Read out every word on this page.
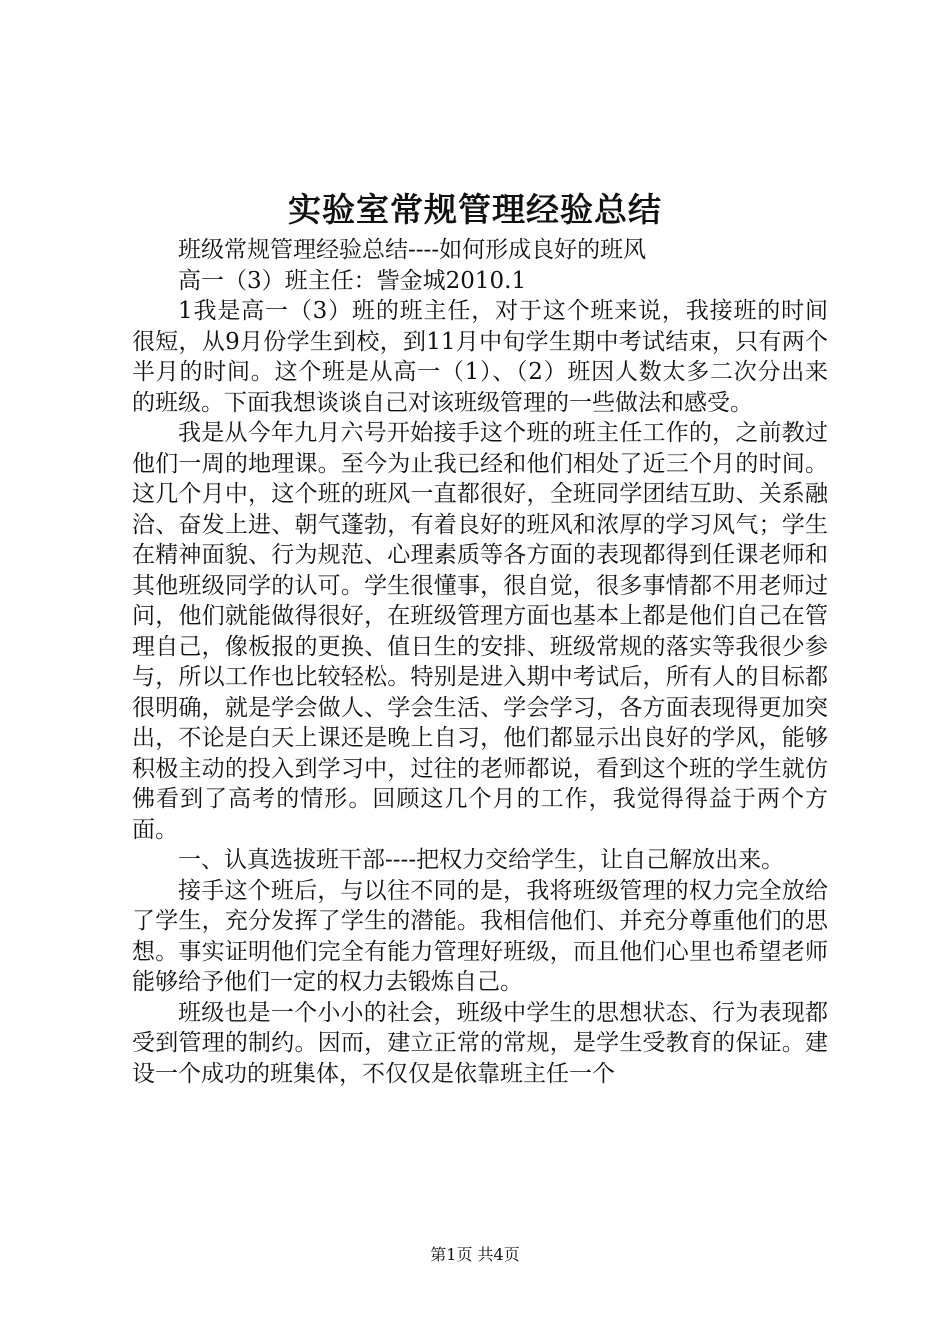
实验室常规管理经验总结

班级常规管理经验总结----如何形成良好的班风

高一（3）班主任：訾金城2010.1

1我是高一（3）班的班主任，对于这个班来说，我接班的时间很短，从9月份学生到校，到11月中旬学生期中考试结束，只有两个半月的时间。这个班是从高一（1）、（2）班因人数太多二次分出来的班级。下面我想谈谈自己对该班级管理的一些做法和感受。

我是从今年九月六号开始接手这个班的班主任工作的，之前教过他们一周的地理课。至今为止我已经和他们相处了近三个月的时间。这几个月中，这个班的班风一直都很好，全班同学团结互助、关系融洽、奋发上进、朝气蓬勃，有着良好的班风和浓厚的学习风气；学生在精神面貌、行为规范、心理素质等各方面的表现都得到任课老师和其他班级同学的认可。学生很懂事，很自觉，很多事情都不用老师过问，他们就能做得很好，在班级管理方面也基本上都是他们自己在管理自己，像板报的更换、值日生的安排、班级常规的落实等我很少参与，所以工作也比较轻松。特别是进入期中考试后，所有人的目标都很明确，就是学会做人、学会生活、学会学习，各方面表现得更加突出，不论是白天上课还是晚上自习，他们都显示出良好的学风，能够积极主动的投入到学习中，过往的老师都说，看到这个班的学生就仿佛看到了高考的情形。回顾这几个月的工作，我觉得得益于两个方面。

一、认真选拔班干部----把权力交给学生，让自己解放出来。

接手这个班后，与以往不同的是，我将班级管理的权力完全放给了学生，充分发挥了学生的潜能。我相信他们、并充分尊重他们的思想。事实证明他们完全有能力管理好班级，而且他们心里也希望老师能够给予他们一定的权力去锻炼自己。

班级也是一个小小的社会，班级中学生的思想状态、行为表现都受到管理的制约。因而，建立正常的常规，是学生受教育的保证。建设一个成功的班集体，不仅仅是依靠班主任一个

第1页 共4页
